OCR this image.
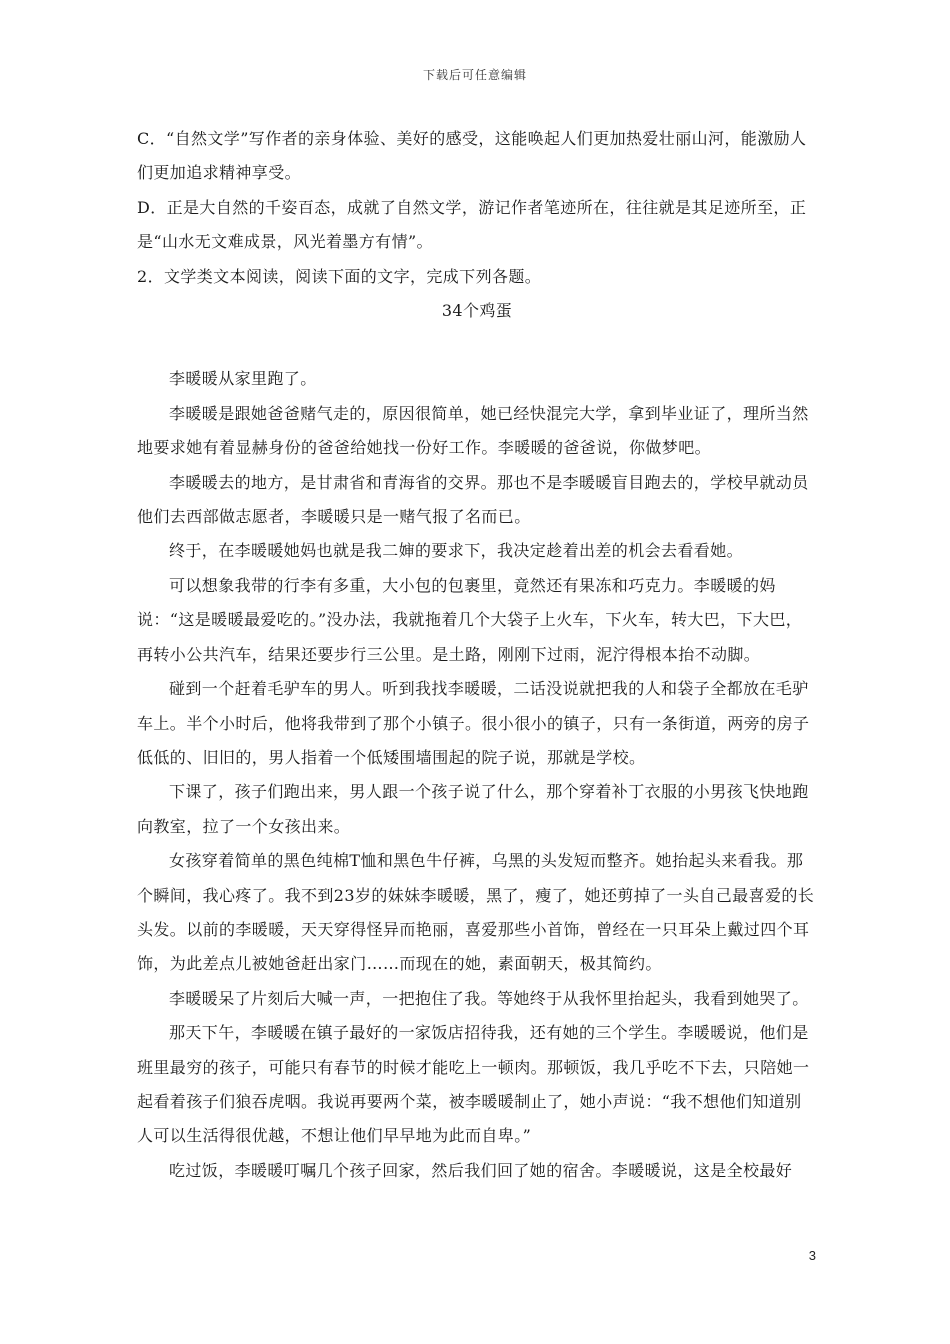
下载后可任意编辑

C．“自然文学”写作者的亲身体验、美好的感受，这能唤起人们更加热爱壮丽山河，能激励人们更加追求精神享受。

D．正是大自然的千姿百态，成就了自然文学，游记作者笔迹所在，往往就是其足迹所至，正是“山水无文难成景，风光着墨方有情”。

2．文学类文本阅读，阅读下面的文字，完成下列各题。

34个鸡蛋

李暖暖从家里跑了。

李暖暖是跟她爸爸赌气走的，原因很简单，她已经快混完大学，拿到毕业证了，理所当然地要求她有着显赫身份的爸爸给她找一份好工作。李暖暖的爸爸说，你做梦吧。

李暖暖去的地方，是甘肃省和青海省的交界。那也不是李暖暖盲目跑去的，学校早就动员他们去西部做志愿者，李暖暖只是一赌气报了名而已。

终于，在李暖暖她妈也就是我二婶的要求下，我决定趁着出差的机会去看看她。

可以想象我带的行李有多重，大小包的包裹里，竟然还有果冻和巧克力。李暖暖的妈说：“这是暖暖最爱吃的。”没办法，我就拖着几个大袋子上火车，下火车，转大巴，下大巴，再转小公共汽车，结果还要步行三公里。是土路，刚刚下过雨，泥泞得根本抬不动脚。

碰到一个赶着毛驴车的男人。听到我找李暖暖，二话没说就把我的人和袋子全都放在毛驴车上。半个小时后，他将我带到了那个小镇子。很小很小的镇子，只有一条街道，两旁的房子低低的、旧旧的，男人指着一个低矮围墙围起的院子说，那就是学校。

下课了，孩子们跑出来，男人跟一个孩子说了什么，那个穿着补丁衣服的小男孩飞快地跑向教室，拉了一个女孩出来。

女孩穿着简单的黑色纯棉T恤和黑色牛仔裤，乌黑的头发短而整齐。她抬起头来看我。那个瞬间，我心疼了。我不到23岁的妹妹李暖暖，黑了，瘦了，她还剪掉了一头自己最喜爱的长头发。以前的李暖暖，天天穿得怪异而艳丽，喜爱那些小首饰，曾经在一只耳朵上戴过四个耳饰，为此差点儿被她爸赶出家门……而现在的她，素面朝天，极其简约。

李暖暖呆了片刻后大喊一声，一把抱住了我。等她终于从我怀里抬起头，我看到她哭了。

那天下午，李暖暖在镇子最好的一家饭店招待我，还有她的三个学生。李暖暖说，他们是班里最穷的孩子，可能只有春节的时候才能吃上一顿肉。那顿饭，我几乎吃不下去，只陪她一起看着孩子们狼吞虎咽。我说再要两个菜，被李暖暖制止了，她小声说：“我不想他们知道别人可以生活得很优越，不想让他们早早地为此而自卑。”

吃过饭，李暖暖叮嘱几个孩子回家，然后我们回了她的宿舍。李暖暖说，这是全校最好

3
